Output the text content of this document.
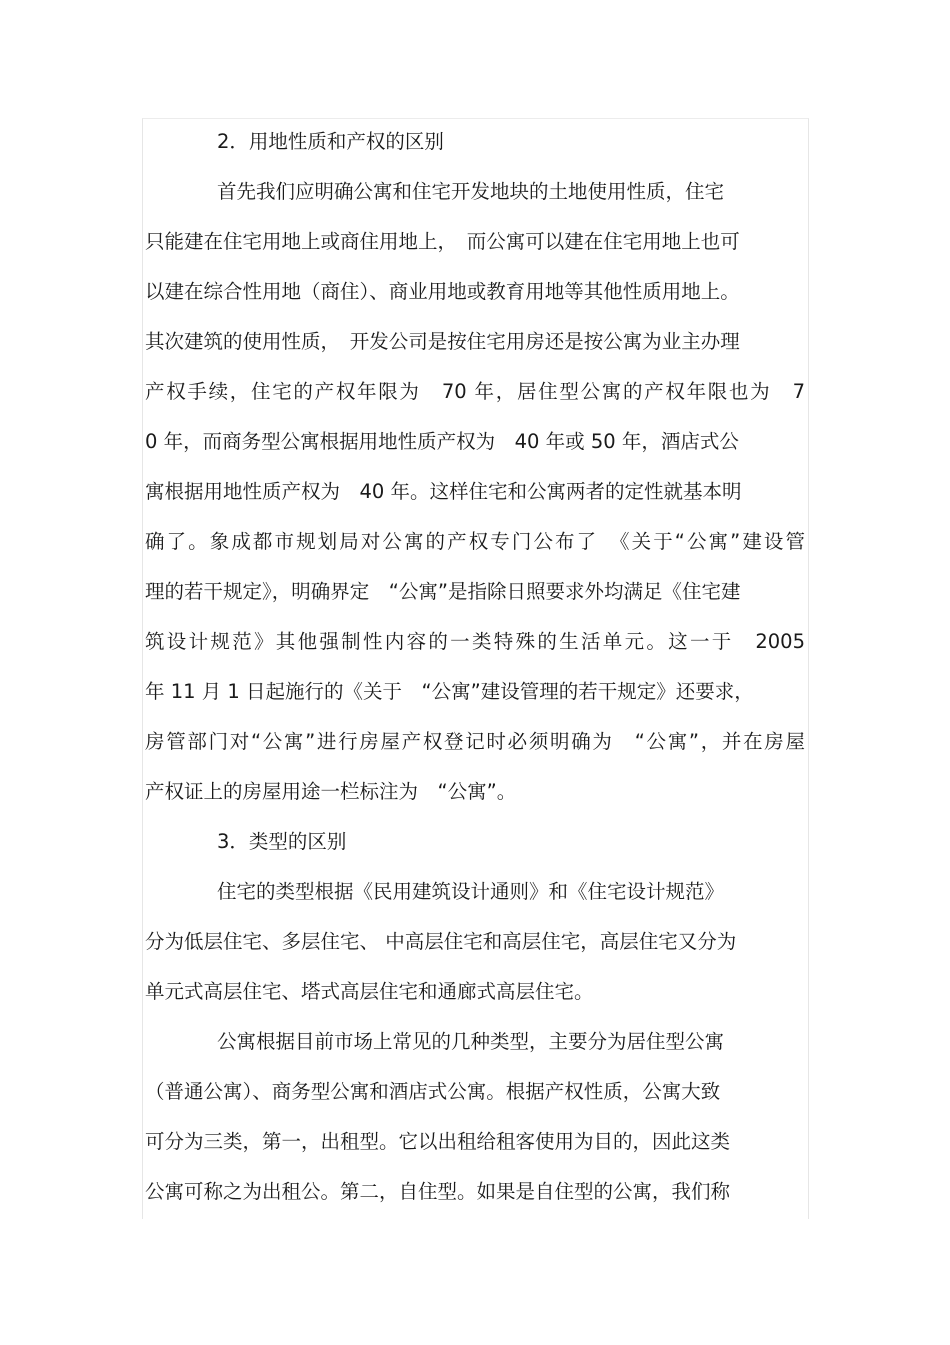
2．用地性质和产权的区别
首先我们应明确公寓和住宅开发地块的土地使用性质，住宅
只能建在住宅用地上或商住用地上，　而公寓可以建在住宅用地上也可
以建在综合性用地（商住）、商业用地或教育用地等其他性质用地上。
其次建筑的使用性质，　开发公司是按住宅用房还是按公寓为业主办理
产权手续，住宅的产权年限为　70 年，居住型公寓的产权年限也为　7
0 年，而商务型公寓根据用地性质产权为　40 年或 50 年，酒店式公
寓根据用地性质产权为　40 年。这样住宅和公寓两者的定性就基本明
确了。象成都市规划局对公寓的产权专门公布了　《关于“公寓”建设管
理的若干规定》，明确界定　“公寓”是指除日照要求外均满足《住宅建
筑设计规范》其他强制性内容的一类特殊的生活单元。这一于　2005
年 11 月 1 日起施行的《关于　“公寓”建设管理的若干规定》还要求，
房管部门对“公寓”进行房屋产权登记时必须明确为　“公寓”，并在房屋
产权证上的房屋用途一栏标注为　“公寓”。
3．类型的区别
住宅的类型根据《民用建筑设计通则》和《住宅设计规范》
分为低层住宅、多层住宅、 中高层住宅和高层住宅，高层住宅又分为
单元式高层住宅、塔式高层住宅和通廊式高层住宅。
公寓根据目前市场上常见的几种类型，主要分为居住型公寓
（普通公寓）、商务型公寓和酒店式公寓。根据产权性质，公寓大致
可分为三类，第一，出租型。它以出租给租客使用为目的，因此这类
公寓可称之为出租公。第二，自住型。如果是自住型的公寓，我们称
